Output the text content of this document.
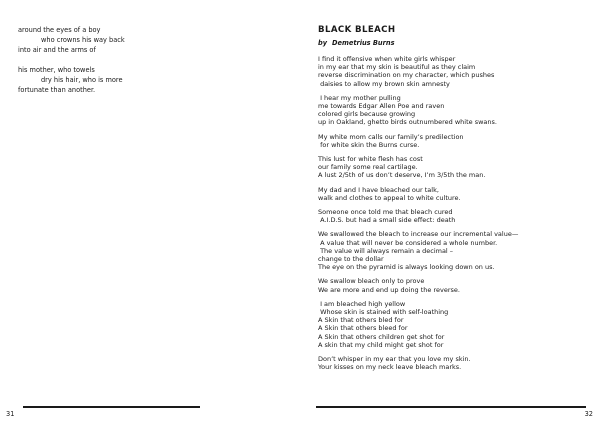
around the eyes of a boy
who crowns his way back
into air and the arms of
his mother, who towels
dry his hair, who is more
fortunate than another.
31
BLACK BLEACH
by Demetrius Burns
I find it offensive when white girls whisper
in my ear that my skin is beautiful as they claim
reverse discrimination on my character, which pushes
daisies to allow my brown skin amnesty
I hear my mother pulling
me towards Edgar Allen Poe and raven
colored girls because growing
up in Oakland, ghetto birds outnumbered white swans.
My white mom calls our family’s predilection
for white skin the Burns curse.
This lust for white flesh has cost
our family some real cartilage.
A lust 2/5th of us don’t deserve, I’m 3/5th the man.
My dad and I have bleached our talk,
walk and clothes to appeal to white culture.
Someone once told me that bleach cured
A.I.D.S. but had a small side effect: death
We swallowed the bleach to increase our incremental value—
A value that will never be considered a whole number.
The value will always remain a decimal –
change to the dollar
The eye on the pyramid is always looking down on us.
We swallow bleach only to prove
We are more and end up doing the reverse.
I am bleached high yellow
Whose skin is stained with self-loathing
A Skin that others bled for
A Skin that others bleed for
A Skin that others children get shot for
A skin that my child might get shot for
Don’t whisper in my ear that you love my skin.
Your kisses on my neck leave bleach marks.
32
